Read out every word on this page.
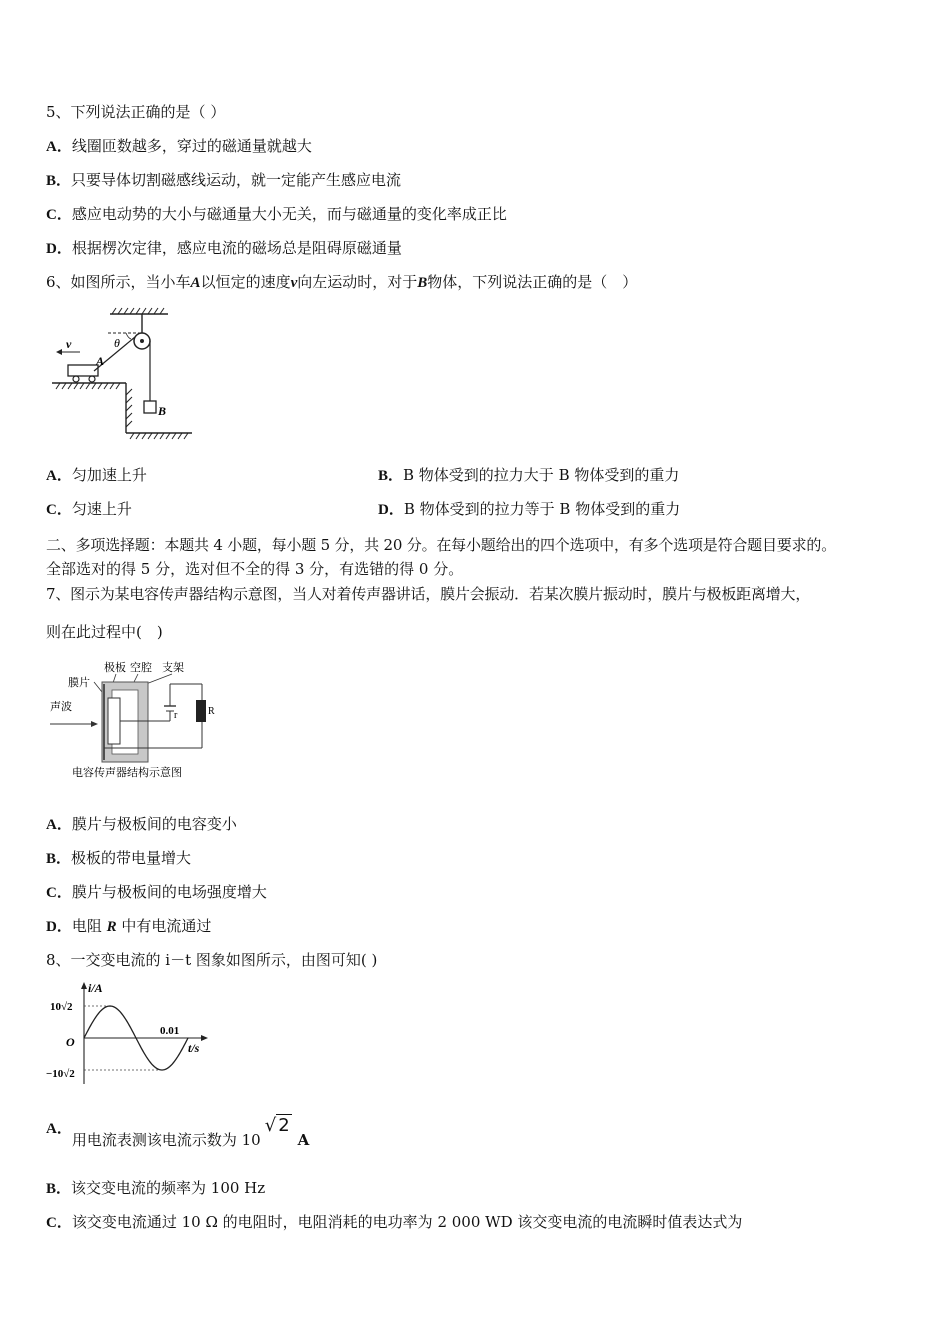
5、下列说法正确的是（ ）
A．线圈匝数越多，穿过的磁通量就越大
B．只要导体切割磁感线运动，就一定能产生感应电流
C．感应电动势的大小与磁通量大小无关，而与磁通量的变化率成正比
D．根据楞次定律，感应电流的磁场总是阻碍原磁通量
6、如图所示，当小车A以恒定的速度v向左运动时，对于B物体，下列说法正确的是（　）
B
θ
A
v
A．匀加速上升	B．B 物体受到的拉力大于 B 物体受到的重力
C．匀速上升	D．B 物体受到的拉力等于 B 物体受到的重力
二、多项选择题：本题共 4 小题，每小题 5 分，共 20 分。在每小题给出的四个选项中，有多个选项是符合题目要求的。
全部选对的得 5 分，选对但不全的得 3 分，有选错的得 0 分。
7、图示为某电容传声器结构示意图，当人对着传声器讲话，膜片会振动．若某次膜片振动时，膜片与极板距离增大，
则在此过程中(　)
极板 空腔 支架
膜片
声波
r	R
电容传声器结构示意图
A．膜片与极板间的电容变小
B．极板的带电量增大
C．膜片与极板间的电场强度增大
D．电阻 R 中有电流通过
8、一交变电流的 i－t 图象如图所示，由图可知( )
i/A
t/s
O
10√2
−10√2
0.01
A．用电流表测该电流示数为 10√ 2A
B．该交变电流的频率为 100 Hz
C．该交变电流通过 10 Ω 的电阻时，电阻消耗的电功率为 2 000 WD 该交变电流的电流瞬时值表达式为
